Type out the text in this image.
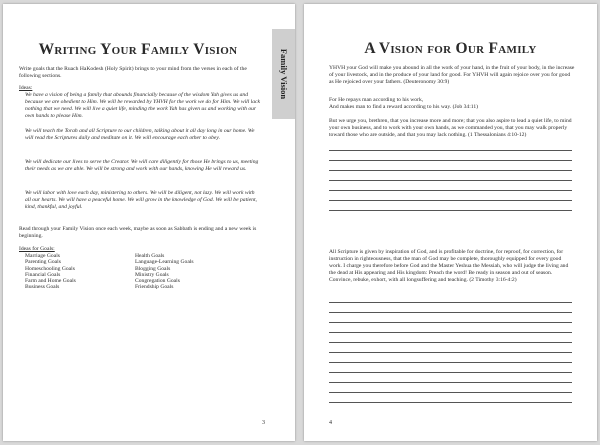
Writing Your Family Vision	Family Vision

Write goals that the Ruach HaKodesh (Holy Spirit) brings to your mind from the verses in each of the following sections.

Ideas:

We have a vision of being a family that abounds financially because of the wisdom Yah gives us and because we are obedient to Him. We will be rewarded by YHVH for the work we do for Him. We will lack nothing that we need. We will live a quiet life, minding the work Yah has given us and working with our own hands to please Him.

We will teach the Torah and all Scripture to our children, talking about it all day long in our home. We will read the Scriptures daily and meditate on it. We will encourage each other to obey.

We will dedicate our lives to serve the Creator. We will care diligently for those He brings to us, meeting their needs as we are able. We will be strong and work with our hands, knowing He will reward us.

We will labor with love each day, ministering to others. We will be diligent, not lazy. We will work with all our hearts. We will have a peaceful home. We will grow in the knowledge of God. We will be patient, kind, thankful, and joyful.

Read through your Family Vision once each week, maybe as soon as Sabbath is ending and a new week is beginning.

Ideas for Goals:

Marriage Goals
Parenting Goals
Homeschooling Goals
Financial Goals
Farm and Home Goals
Business Goals
Health Goals
Language-Learning Goals
Blogging Goals
Ministry Goals
Congregation Goals
Friendship Goals
3
A Vision for Our Family

YHVH your God will make you abound in all the work of your hand, in the fruit of your body, in the increase of your livestock, and in the produce of your land for good. For YHVH will again rejoice over you for good as He rejoiced over your fathers. (Deuteronomy 30:9)

For He repays man according to his work,

And makes man to find a reward according to his way. (Job 34:11)

But we urge you, brethren, that you increase more and more; that you also aspire to lead a quiet life, to mind your own business, and to work with your own hands, as we commanded you, that you may walk properly toward those who are outside, and that you may lack nothing. (1 Thessalonians 4:10-12)

All Scripture is given by inspiration of God, and is profitable for doctrine, for reproof, for correction, for instruction in righteousness, that the man of God may be complete, thoroughly equipped for every good work. I charge you therefore before God and the Master Yeshua the Messiah, who will judge the living and the dead at His appearing and His kingdom: Preach the word! Be ready in season and out of season. Convince, rebuke, exhort, with all longsuffering and teaching. (2 Timothy 3:16-4:2)

4
